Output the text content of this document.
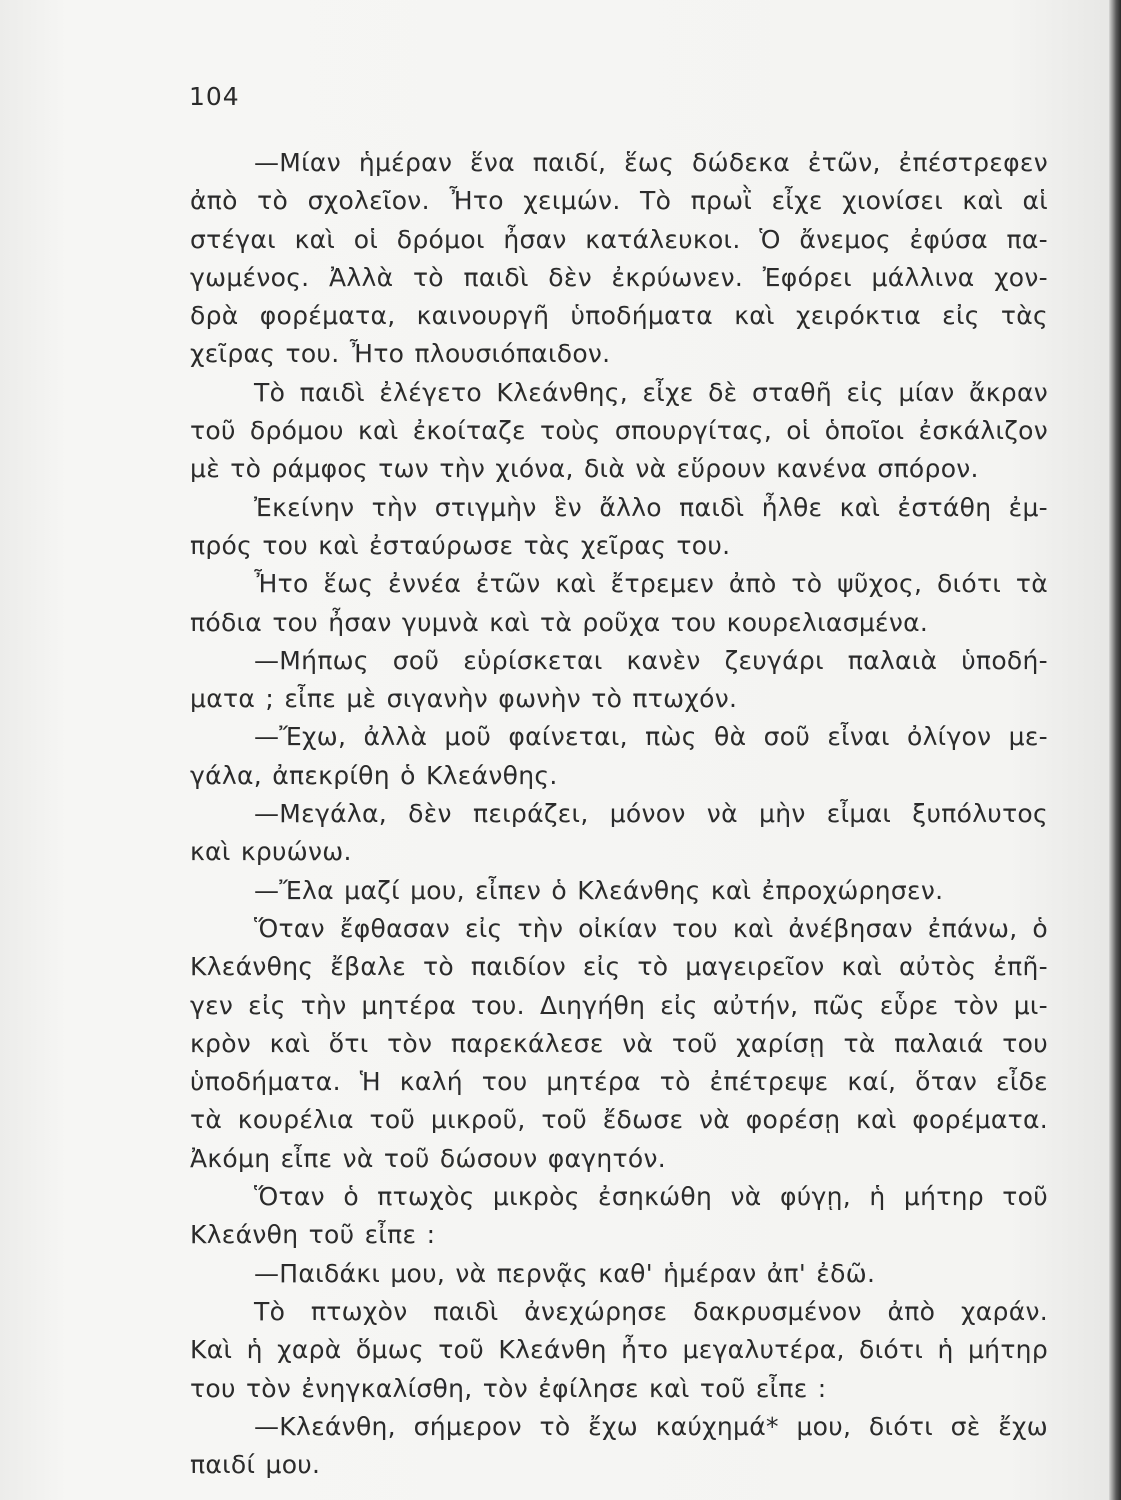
104
—Μίαν ἡμέραν ἕνα παιδί, ἕως δώδεκα ἐτῶν, ἐπέστρεφεν
ἀπὸ τὸ σχολεῖον. Ἦτο χειμών. Τὸ πρωῒ εἶχε χιονίσει καὶ αἱ
στέγαι καὶ οἱ δρόμοι ἦσαν κατάλευκοι. Ὁ ἄνεμος ἐφύσα πα-
γωμένος. Ἀλλὰ τὸ παιδὶ δὲν ἐκρύωνεν. Ἐφόρει μάλλινα χον-
δρὰ φορέματα, καινουργῆ ὑποδήματα καὶ χειρόκτια εἰς τὰς
χεῖρας του. Ἦτο πλουσιόπαιδον.
Τὸ παιδὶ ἐλέγετο Κλεάνθης, εἶχε δὲ σταθῆ εἰς μίαν ἄκραν
τοῦ δρόμου καὶ ἐκοίταζε τοὺς σπουργίτας, οἱ ὁποῖοι ἐσκάλιζον
μὲ τὸ ράμφος των τὴν χιόνα, διὰ νὰ εὕρουν κανένα σπόρον.
Ἐκείνην τὴν στιγμὴν ἓν ἄλλο παιδὶ ἦλθε καὶ ἐστάθη ἐμ-
πρός του καὶ ἐσταύρωσε τὰς χεῖρας του.
Ἦτο ἕως ἐννέα ἐτῶν καὶ ἔτρεμεν ἀπὸ τὸ ψῦχος, διότι τὰ
πόδια του ἦσαν γυμνὰ καὶ τὰ ροῦχα του κουρελιασμένα.
—Μήπως σοῦ εὑρίσκεται κανὲν ζευγάρι παλαιὰ ὑποδή-
ματα ; εἶπε μὲ σιγανὴν φωνὴν τὸ πτωχόν.
—Ἔχω, ἀλλὰ μοῦ φαίνεται, πὼς θὰ σοῦ εἶναι ὀλίγον με-
γάλα, ἀπεκρίθη ὁ Κλεάνθης.
—Μεγάλα, δὲν πειράζει, μόνον νὰ μὴν εἶμαι ξυπόλυτος
καὶ κρυώνω.
—Ἔλα μαζί μου, εἶπεν ὁ Κλεάνθης καὶ ἐπροχώρησεν.
Ὅταν ἔφθασαν εἰς τὴν οἰκίαν του καὶ ἀνέβησαν ἐπάνω, ὁ
Κλεάνθης ἔβαλε τὸ παιδίον εἰς τὸ μαγειρεῖον καὶ αὐτὸς ἐπῆ-
γεν εἰς τὴν μητέρα του. Διηγήθη εἰς αὐτήν, πῶς εὗρε τὸν μι-
κρὸν καὶ ὅτι τὸν παρεκάλεσε νὰ τοῦ χαρίσῃ τὰ παλαιά του
ὑποδήματα. Ἡ καλή του μητέρα τὸ ἐπέτρεψε καί, ὅταν εἶδε
τὰ κουρέλια τοῦ μικροῦ, τοῦ ἔδωσε νὰ φορέσῃ καὶ φορέματα.
Ἀκόμη εἶπε νὰ τοῦ δώσουν φαγητόν.
Ὅταν ὁ πτωχὸς μικρὸς ἐσηκώθη νὰ φύγῃ, ἡ μήτηρ τοῦ
Κλεάνθη τοῦ εἶπε :
—Παιδάκι μου, νὰ περνᾷς καθ' ἡμέραν ἀπ' ἐδῶ.
Τὸ πτωχὸν παιδὶ ἀνεχώρησε δακρυσμένον ἀπὸ χαράν.
Καὶ ἡ χαρὰ ὅμως τοῦ Κλεάνθη ἦτο μεγαλυτέρα, διότι ἡ μήτηρ
του τὸν ἐνηγκαλίσθη, τὸν ἐφίλησε καὶ τοῦ εἶπε :
—Κλεάνθη, σήμερον τὸ ἔχω καύχημά* μου, διότι σὲ ἔχω
παιδί μου.
